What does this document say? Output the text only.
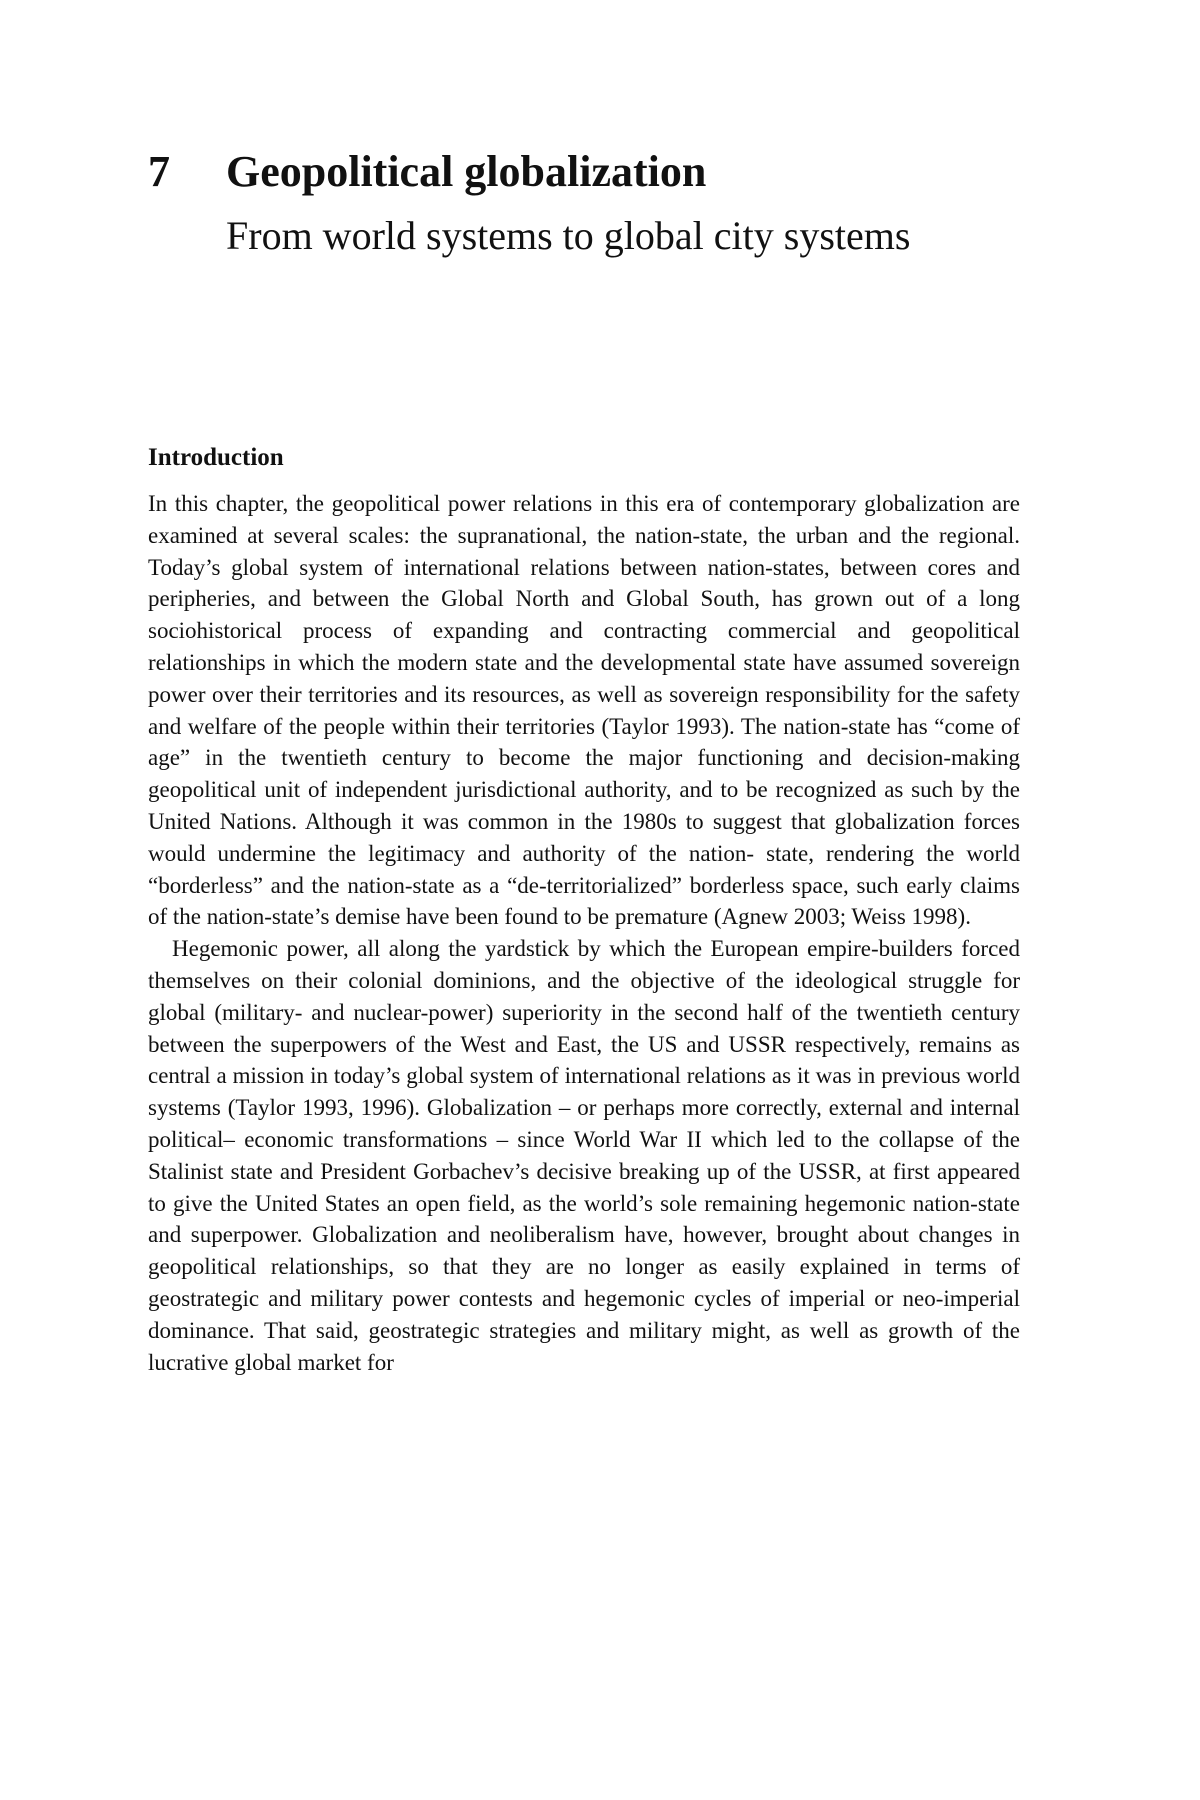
7	Geopolitical globalization
From world systems to global city systems
Introduction

In this chapter, the geopolitical power relations in this era of contemporary globalization are examined at several scales: the supranational, the nation-state, the urban and the regional. Today’s global system of international relations between nation-states, between cores and peripheries, and between the Global North and Global South, has grown out of a long sociohistorical process of expanding and contracting commercial and geopolitical relationships in which the modern state and the developmental state have assumed sovereign power over their territories and its resources, as well as sovereign responsibility for the safety and welfare of the people within their territories (Taylor 1993). The nation-state has “come of age” in the twentieth century to become the major functioning and decision-making geopolitical unit of independent jurisdictional authority, and to be recognized as such by the United Nations. Although it was common in the 1980s to suggest that globalization forces would undermine the legitimacy and authority of the nation- state, rendering the world “borderless” and the nation-state as a “de-territorialized” borderless space, such early claims of the nation-state’s demise have been found to be premature (Agnew 2003; Weiss 1998).

Hegemonic power, all along the yardstick by which the European empire-builders forced themselves on their colonial dominions, and the objective of the ideological struggle for global (military- and nuclear-power) superiority in the second half of the twentieth century between the superpowers of the West and East, the US and USSR respectively, remains as central a mission in today’s global system of international relations as it was in previous world systems (Taylor 1993, 1996). Globalization – or perhaps more correctly, external and internal political– economic transformations – since World War II which led to the collapse of the Stalinist state and President Gorbachev’s decisive breaking up of the USSR, at first appeared to give the United States an open field, as the world’s sole remaining hegemonic nation-state and superpower. Globalization and neoliberalism have, however, brought about changes in geopolitical relationships, so that they are no longer as easily explained in terms of geostrategic and military power contests and hegemonic cycles of imperial or neo-imperial dominance. That said, geostrategic strategies and military might, as well as growth of the lucrative global market for
